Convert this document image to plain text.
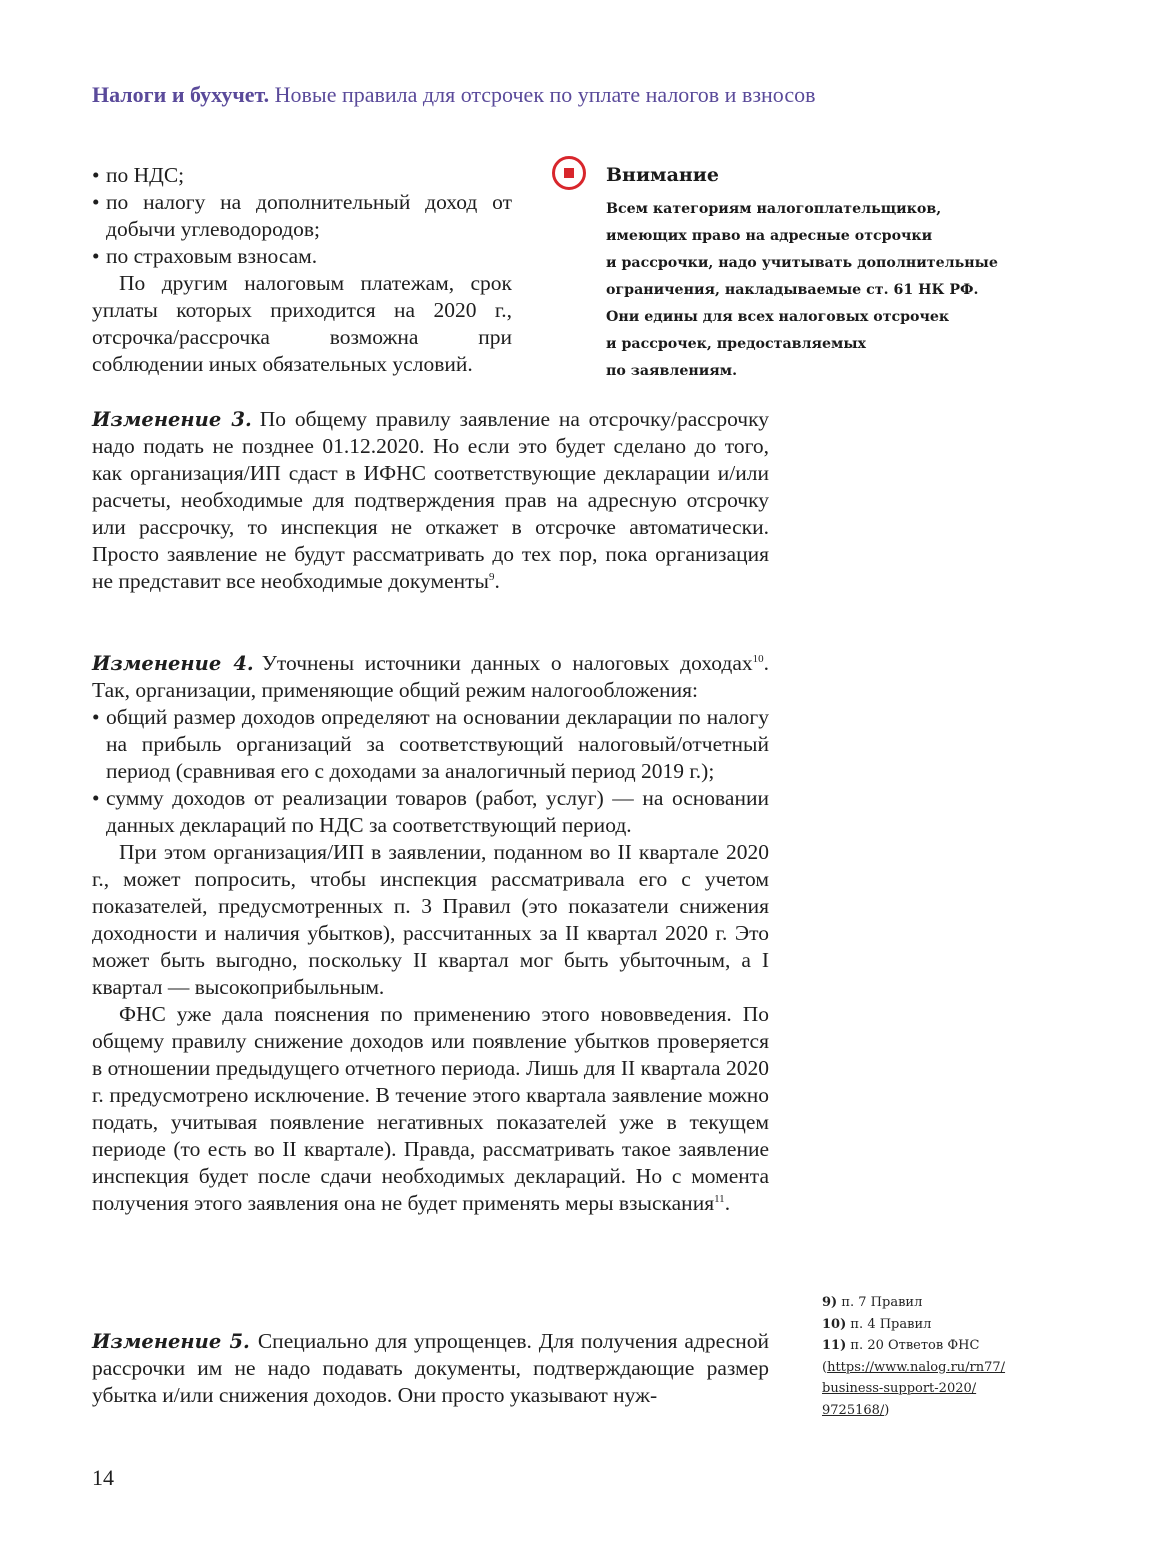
Налоги и бухучет. Новые правила для отсрочек по уплате налогов и взносов
• по НДС;
• по налогу на дополнительный доход от добычи углеводородов;
• по страховым взносам.
По другим налоговым платежам, срок уплаты которых приходится на 2020 г., отсрочка/рассрочка возможна при соблюдении иных обязательных условий.
Внимание
Всем категориям налогоплательщиков,
имеющих право на адресные отсрочки
и рассрочки, надо учитывать дополнительные
ограничения, накладываемые ст. 61 НК РФ.
Они едины для всех налоговых отсрочек
и рассрочек, предоставляемых
по заявлениям.

Изменение 3. По общему правилу заявление на отсрочку/рассрочку надо подать не позднее 01.12.2020. Но если это будет сделано до того, как организация/ИП сдаст в ИФНС соответствующие декларации и/или расчеты, необходимые для подтверждения прав на адресную отсрочку или рассрочку, то инспекция не откажет в отсрочке автоматически. Просто заявление не будут рассматривать до тех пор, пока организация не представит все необходимые документы$^9$.

Изменение 4. Уточнены источники данных о налоговых доходах$^{10}$. Так, организации, применяющие общий режим налогообложения:

• общий размер доходов определяют на основании декларации по налогу на прибыль организаций за соответствующий налоговый/отчетный период (сравнивая его с доходами за аналогичный период 2019 г.);
• сумму доходов от реализации товаров (работ, услуг) — на основании данных деклараций по НДС за соответствующий период.

При этом организация/ИП в заявлении, поданном во II квартале 2020 г., может попросить, чтобы инспекция рассматривала его с учетом показателей, предусмотренных п. 3 Правил (это показатели снижения доходности и наличия убытков), рассчитанных за II квартал 2020 г. Это может быть выгодно, поскольку II квартал мог быть убыточным, а I квартал — высокоприбыльным.

ФНС уже дала пояснения по применению этого нововведения. По общему правилу снижение доходов или появление убытков проверяется в отношении предыдущего отчетного периода. Лишь для II квартала 2020 г. предусмотрено исключение. В течение этого квартала заявление можно подать, учитывая появление негативных показателей уже в текущем периоде (то есть во II квартале). Правда, рассматривать такое заявление инспекция будет после сдачи необходимых деклараций. Но с момента получения этого заявления она не будет применять меры взыскания$^{11}$.

Изменение 5. Специально для упрощенцев. Для получения адресной рассрочки им не надо подавать документы, подтверждающие размер убытка и/или снижения доходов. Они просто указывают нуж-

9) п. 7 Правил
10) п. 4 Правил
11) п. 20 Ответов ФНС
(https://www.nalog.ru/rn77/
business-support-2020/
9725168/)
14
